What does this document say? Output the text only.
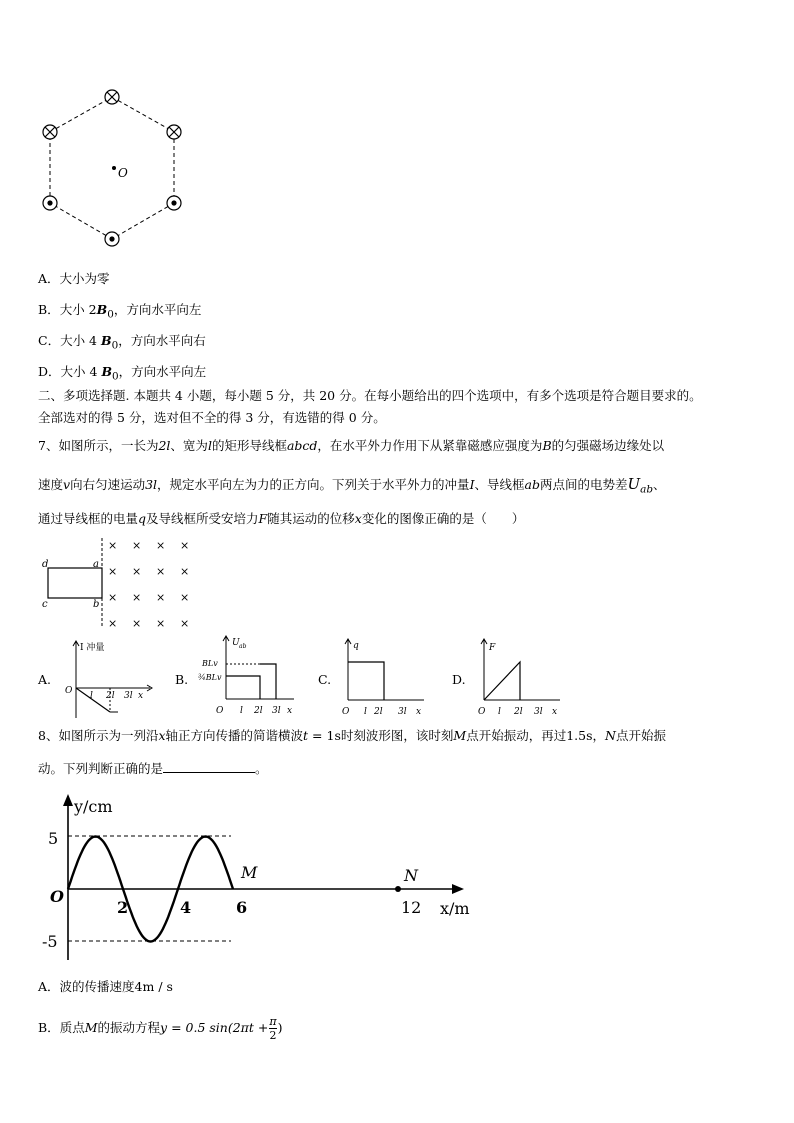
O
A．大小为零
B．大小 $2B_0$，方向水平向左
C．大小 4 $B_0$，方向水平向右
D．大小 4 $B_0$，方向水平向左
二、多项选择题. 本题共 4 小题，每小题 5 分，共 20 分。在每小题给出的四个选项中，有多个选项是符合题目要求的。
全部选对的得 5 分，选对但不全的得 3 分，有选错的得 0 分。
7、如图所示，一长为2l、宽为l的矩形导线框abcd，在水平外力作用下从紧靠磁感应强度为B的匀强磁场边缘处以
速度v向右匀速运动3l，规定水平向左为力的正方向。下列关于水平外力的冲量I、导线框ab两点间的电势差$U_{ab}$、
通过导线框的电量q及导线框所受安培力F随其运动的位移x变化的图像正确的是（　　）
d	a
c	b
× × × ×
× × × ×
× × × ×
× × × ×
A.
I 冲量
O l 2l 3l x
B.
U ab
BLv
¾BLv
O l 2l 3l x
C.
q
O l 2l 3l x
D.
F
O l 2l 3l x
8、如图所示为一列沿x轴正方向传播的简谐横波t = 1s时刻波形图，该时刻M点开始振动，再过1.5s，N点开始振
动。下列判断正确的是	。
y/cm
x/m
O
5
-5
2	4	6	12
M	N
A．波的传播速度4m / s
B．质点M的振动方程y = 0.5 $\sin(2\pi t + \frac{\pi}{2}$ )
